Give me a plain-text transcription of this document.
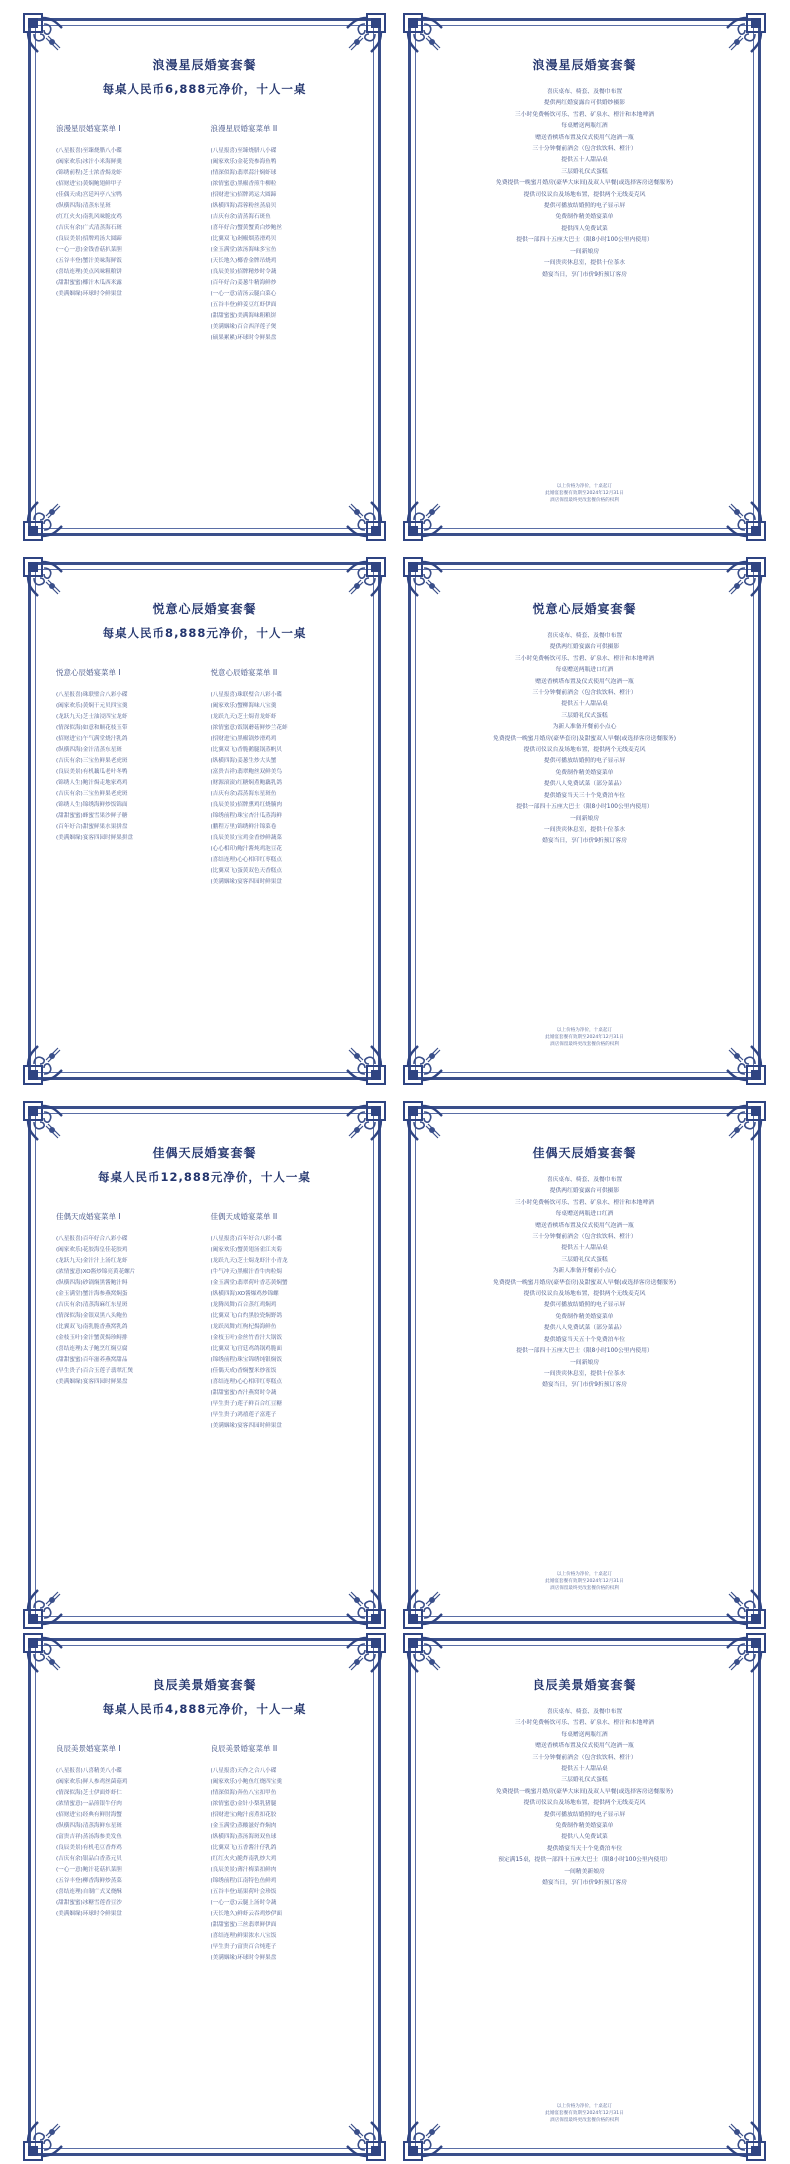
浪漫星辰婚宴套餐
每桌人民币6,888元净价，十人一桌
浪漫星辰婚宴菜单 I
(八星报喜)至臻烧腊八小碟
(阖家欢乐)冰汁小米海鲜羹
(锦绣前程)芝士浓香焗龙虾
(招财进宝)黄焖鲍翅鲜甲子
(佳偶天成)宫廷玛亭八宝鸭
(纵横四海)清蒸东星斑
(红红火火)南乳风味脆皮鸡
(吉庆有余)广式清蒸海石斑
(良辰美景)招牌鸡汤大圆蹄
(一心一意)金钱香菇扒菜胆
(五谷丰登)蟹汁美味海鲜饭
(喜结连理)美点风味粗粮饼
(甜甜蜜蜜)椰汁木瓜西米露
(美满姻缘)环球时令鲜果盘
浪漫星辰婚宴菜单 II
(八星报喜)至臻烧腊八小碟
(阖家欢乐)金花瓷参海鱼鸭
(情深似海)翡翠蒜汁焖虾球
(浓情蜜意)黑椒香煎牛柳粒
(招财进宝)招牌鸿运大圆蹄
(纵横四海)蒜蓉粉丝蒸扇贝
(吉庆有余)清蒸海石斑鱼
(喜年好合)蟹黄蟹黄白炒鲍丝
(比翼双飞)剁椒烟蒸滑鸡贝
(金玉满堂)浓汤海味多宝鱼
(天长地久)椰香金牌吊烧鸡
(良辰美景)招牌精炒时令蔬
(百年好合)姜葱牛精海鲜炒
(一心一意)清汤云腿白菜心
(五谷丰登)鲜姜豆红虾伊面
(甜甜蜜蜜)美满海味粗粮饼
(美满姻缘)百合西洋莲子煲
(硕果累累)环球时令鲜果盘
浪漫星辰婚宴套餐
喜庆桌布、椅套、及餐巾布置
提供两红婚宴露台可供婚纱摄影
三小时免费畅饮可乐、雪碧、矿泉水、橙汁和本地啤酒
每桌赠送两瓶红酒
赠送香槟塔布置及仪式使用气泡酒一瓶
三十分钟餐前酒会（包含软饮料、橙汁）
提供五十人甜品桌
三层婚礼仪式蛋糕
免费提供一晚蜜月婚房(豪华大床间)及双人早餐(或选择客房送餐服务)
提供司仪议台及场地布置，提供两个无线麦克风
提供可播放结婚照的电子显示屏
免费制作精美婚宴菜单
提供四人免费试菜
提供一部四十五座大巴士（限8小时100公里内使用）
一间新娘房
一间贵宾休息室，提供十位茶水
婚宴当日，享门市价9折预订客房
以上价格为净价，十桌起订
此婚宴套餐有效期至2024年12月31日
酒店保留最终更改套餐价格的权利
悦意心辰婚宴套餐
每桌人民币8,888元净价，十人一桌
悦意心辰婚宴菜单 I
(八星报喜)珠联璧合八彩小碟
(阖家欢乐)黄焖干元贝四宝羹
(龙跃九天)芝士油浸四宝龙虾
(情深似海)如意和顺花枝玉带
(招财进宝)午气满堂烧汁乳鸽
(纵横四海)金汁清蒸东星斑
(吉庆有余)三宝鱼鲜果老虎斑
(良辰美景)有机藕瓜老叶冬鸭
(锦绣人生)鲍汁焗走地家鸡鸡
(吉庆有余)三宝鱼鲜果老虎斑
(锦绣人生)锦绣海鲜炒饭锦面
(甜甜蜜蜜)蜂蜜雪果沙鲜子糖
(百年好合)甜蜜鲜果水果拼盘
(美满姻缘)宴客四园时鲜果拼盘
悦意心辰婚宴菜单 II
(八星报喜)珠联璧合八彩小碟
(阖家欢乐)蟹柳海味八宝羹
(龙跃九天)芝士焗青龙虾虾
(浓情蜜意)饭锅蘑菇鲜炒兰花蚌
(招财进宝)黑椒锅炒滑鸡鸡
(比翼双飞)香脆鹅腿锅蒸帆贝
(纵横四海)姜葱生炒大头蟹
(富贵吉祥)翡翠鲍丝双鲜美鸟
(财源滚滚)红糖焖煮鲍藕乳鸽
(吉庆有余)蒜蒸海东星斑鱼
(良辰美景)招牌熏鸡红烧腩肉
(锦绣前程)珠宝杏汁瓜蒸海鲜
(鹏程万里)锦绣鲜汁锦菜卷
(良辰美景)宝鸡金香炒鲜蔬菜
(心心相印)鲍汁酱炖鸡泡豆花
(喜结连理)心心相印红枣糕点
(比翼双飞)蛋黄双色天香糕点
(美满姻缘)宴客四园时鲜果盘
悦意心辰婚宴套餐
喜庆桌布、椅套、及餐巾布置
提供两红婚宴露台可供摄影
三小时免费畅饮可乐、雪碧、矿泉水、橙汁和本地啤酒
每桌赠送两瓶进口红酒
赠送香槟塔布置及仪式使用气泡酒一瓶
三十分钟餐前酒会（包含软饮料、橙汁）
提供五十人甜品桌
三层婚礼仪式蛋糕
为新人准备开餐前小点心
免费提供一晚蜜月婚房(豪华套房)及甜蜜双人早餐(或选择客房送餐服务)
提供司仪议台及场地布置，提供两个无线麦克风
提供可播放结婚照的电子显示屏
免费制作精美婚宴菜单
提供八人免费试菜（部分菜品）
提供婚宴当天三十个免费泊车位
提供一部四十五座大巴士（限8小时100公里内使用）
一间新娘房
一间贵宾休息室，提供十位茶水
婚宴当日，享门市价9折预订客房
以上价格为净价，十桌起订
此婚宴套餐有效期至2024年12月31日
酒店保留最终更改套餐价格的权利
佳偶天辰婚宴套餐
每桌人民币12,888元净价，十人一桌
佳偶天成婚宴菜单 I
(八星报喜)百年好合八彩小碟
(阖家欢乐)花胶海皇佳花胶鸡
(龙跃九天)金汁汁上汤红龙虾
(浓情蜜意)XO酱炒锦亮黄花螺片
(纵横四海)砂锅焖黑酱鲍汁鲟
(金玉满堂)蟹汁海参燕窝焖蛋
(吉庆有余)清蒸海麻红东星斑
(情深似海)金银双黑八头鲍鱼
(比翼双飞)南乳脆香燕窝乳鸽
(金枝玉叶)金汁蟹黄焗珍鲟排
(喜结连理)太子鲍烹红焖豆腐
(甜甜蜜蜜)百年滋养燕窝甜品
(早生贵子)百合玉莲子翡翠汇煲
(美满姻缘)宴客四园时鲜果盘
佳偶天成婚宴菜单 II
(八星报喜)百年好合八彩小碟
(阖家欢乐)蟹黄翅汤雀江夹菊
(龙跃九天)芝士焗龙虾汁小青龙
(牛气冲天)黑椒汁香牛肉粒焗
(金玉满堂)翡翠荷叶香芯黄焖蟹
(纵横四海)XO酱爆鸡炒锦螺
(龙腾凤舞)百合蒸红鸡焖鸡
(比翼双飞)白灼黑胶瓷焖野鸽
(龙跃凤舞)红枸杞焗海鲜鱼
(金枝玉叶)金丝竹香汁大锅饭
(比翼双飞)宫廷鸡鸽锅鸡脆面
(锦绣前程)珠宝锦绣纯银焖饭
(佳偶天成)香焖蟹米炒雀饭
(喜结连理)心心相印红枣糕点
(甜甜蜜蜜)杏汁燕窝时令蔬
(早生贵子)莲子鲜百合红豆糖
(早生贵子)鸿禧莲子富莲子
(美满姻缘)宴客四园时鲜果盘
佳偶天辰婚宴套餐
喜庆桌布、椅套、及餐巾布置
提供两红婚宴露台可供摄影
三小时免费畅饮可乐、雪碧、矿泉水、橙汁和本地啤酒
每桌赠送两瓶进口红酒
赠送香槟塔布置及仪式使用气泡酒一瓶
三十分钟餐前酒会（包含软饮料、橙汁）
提供五十人甜品桌
三层婚礼仪式蛋糕
为新人准备开餐前小点心
免费提供一晚蜜月婚房(豪华套房)及甜蜜双人早餐(或选择客房送餐服务)
提供司仪议台及场地布置，提供两个无线麦克风
提供可播放结婚照的电子显示屏
免费制作精美婚宴菜单
提供八人免费试菜（部分菜品）
提供婚宴当天五十个免费泊车位
提供一部四十五座大巴士（限8小时100公里内使用）
一间新娘房
一间贵宾休息室，提供十位茶水
婚宴当日，享门市价9折预订客房
以上价格为净价，十桌起订
此婚宴套餐有效期至2024年12月31日
酒店保留最终更改套餐价格的权利
良辰美景婚宴套餐
每桌人民币4,888元净价，十人一桌
良辰美景婚宴菜单 I
(八星报喜)八喜精美八小碟
(阖家欢乐)鲜人参鸡丝菌菇鸡
(情深似海)芝士伊面炸虾仁
(浓情蜜意)一品煎银牛仔肉
(招财进宝)经典有鲜肘海蟹
(纵横四海)清蒸海鲜东星斑
(富贵吉祥)蒸汤海参美发鱼
(良辰美景)有机毛豆香炸鸡
(吉庆有余)银品白香蒸元贝
(一心一意)鲍汁花菇扒菜胆
(五谷丰登)柳香海鲜炒蒸菜
(喜结连理)自制广式叉烧酥
(甜甜蜜蜜)冰糖雪莲香豆沙
(美满姻缘)环球时令鲜果盘
良辰美景婚宴菜单 II
(八星报喜)天作之合八小碟
(阖家欢乐)小鲍鱼红烧四宝羹
(情深似海)奔鱼八宝扣甲鱼
(浓情蜜意)金针小梨乳猪腿
(招财进宝)鲍汁卤煮扣花胶
(金玉满堂)蒸酸滋好炸焖肉
(纵横四海)蒸汤海斑双鱼球
(比翼双飞)五香酱汁仔乳鸽
(红红火火)脆炸南乳炒大鸡
(良辰美景)薄汁梅菜扣鲜肉
(锦绣前程)江南特色鱼鲜鸡
(五谷丰登)瑶果荷叶会珍饭
(一心一意)云腿上汤时令蔬
(天长地久)鲜虾云吞鸡炒伊面
(甜甜蜜蜜)三丝翡翠鲜伊面
(喜结连理)鲜果浓水八宝饭
(早生贵子)富贵百合炖莲子
(美满姻缘)环球时令鲜果盘
良辰美景婚宴套餐
喜庆桌布、椅套、及餐巾布置
三小时免费畅饮可乐、雪碧、矿泉水、橙汁和本地啤酒
每桌赠送两瓶红酒
赠送香槟塔布置及仪式使用气泡酒一瓶
三十分钟餐前酒会（包含软饮料、橙汁）
提供五十人甜品桌
三层婚礼仪式蛋糕
免费提供一晚蜜月婚房(豪华大床间)及双人早餐(或选择客房送餐服务)
提供司仪议台及场地布置，提供两个无线麦克风
提供可播放结婚照的电子显示屏
免费制作精美婚宴菜单
提供八人免费试菜
提供婚宴当天十个免费泊车位
预定满15桌，提供一部四十五座大巴士（限8小时100公里内使用）
一间精美新娘房
婚宴当日，享门市价9折预订客房
以上价格为净价，十桌起订
此婚宴套餐有效期至2024年12月31日
酒店保留最终更改套餐价格的权利
